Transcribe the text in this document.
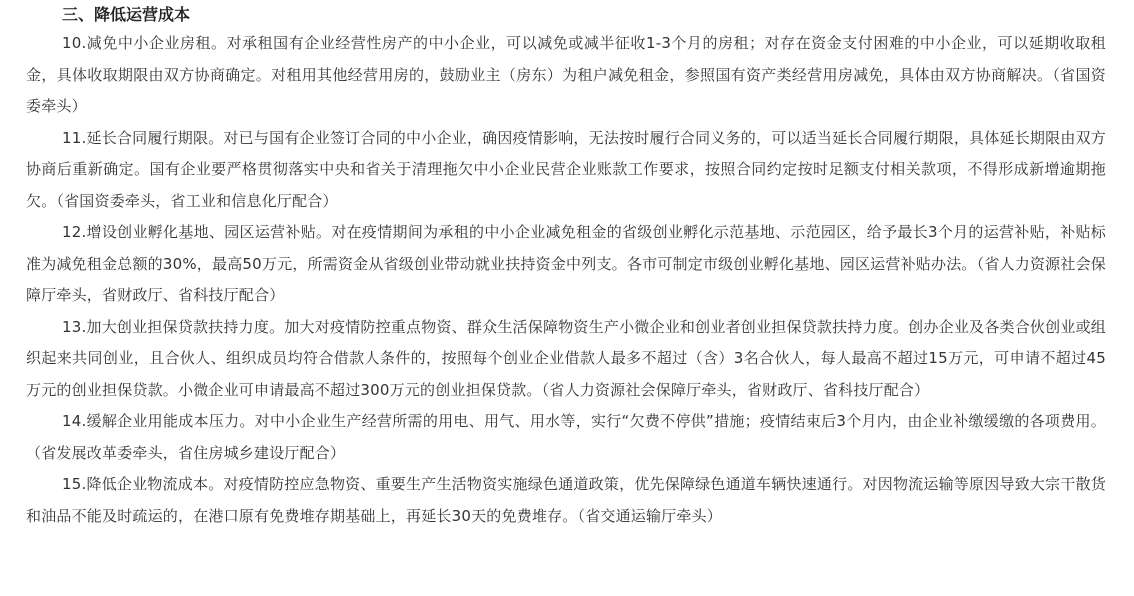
三、降低运营成本

10.减免中小企业房租。对承租国有企业经营性房产的中小企业，可以减免或减半征收1-3个月的房租；对存在资金支付困难的中小企业，可以延期收取租金，具体收取期限由双方协商确定。对租用其他经营用房的，鼓励业主（房东）为租户减免租金，参照国有资产类经营用房减免，具体由双方协商解决。（省国资委牵头）

11.延长合同履行期限。对已与国有企业签订合同的中小企业，确因疫情影响，无法按时履行合同义务的，可以适当延长合同履行期限，具体延长期限由双方协商后重新确定。国有企业要严格贯彻落实中央和省关于清理拖欠中小企业民营企业账款工作要求，按照合同约定按时足额支付相关款项，不得形成新增逾期拖欠。（省国资委牵头，省工业和信息化厅配合）

12.增设创业孵化基地、园区运营补贴。对在疫情期间为承租的中小企业减免租金的省级创业孵化示范基地、示范园区，给予最长3个月的运营补贴，补贴标准为减免租金总额的30%，最高50万元，所需资金从省级创业带动就业扶持资金中列支。各市可制定市级创业孵化基地、园区运营补贴办法。（省人力资源社会保障厅牵头，省财政厅、省科技厅配合）

13.加大创业担保贷款扶持力度。加大对疫情防控重点物资、群众生活保障物资生产小微企业和创业者创业担保贷款扶持力度。创办企业及各类合伙创业或组织起来共同创业，且合伙人、组织成员均符合借款人条件的，按照每个创业企业借款人最多不超过（含）3名合伙人，每人最高不超过15万元，可申请不超过45万元的创业担保贷款。小微企业可申请最高不超过300万元的创业担保贷款。（省人力资源社会保障厅牵头，省财政厅、省科技厅配合）

14.缓解企业用能成本压力。对中小企业生产经营所需的用电、用气、用水等，实行“欠费不停供”措施；疫情结束后3个月内，由企业补缴缓缴的各项费用。（省发展改革委牵头，省住房城乡建设厅配合）

15.降低企业物流成本。对疫情防控应急物资、重要生产生活物资实施绿色通道政策，优先保障绿色通道车辆快速通行。对因物流运输等原因导致大宗干散货和油品不能及时疏运的，在港口原有免费堆存期基础上，再延长30天的免费堆存。（省交通运输厅牵头）
